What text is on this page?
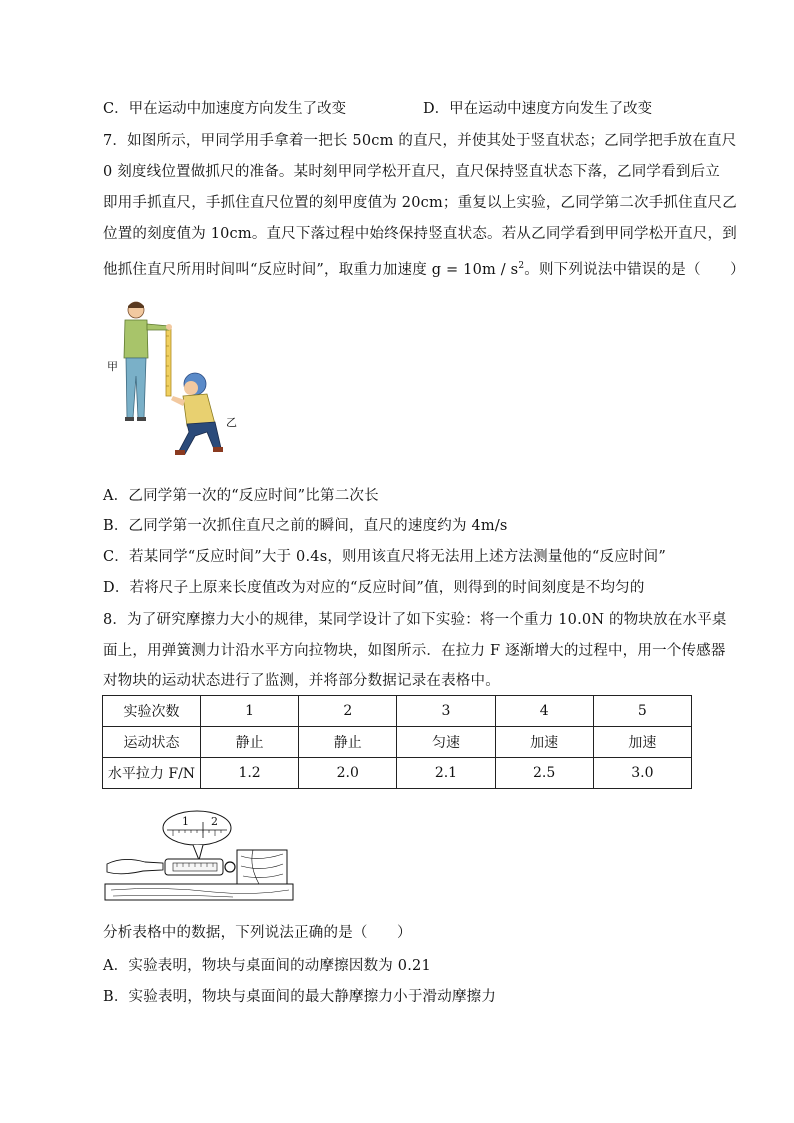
C．甲在运动中加速度方向发生了改变	D．甲在运动中速度方向发生了改变
7．如图所示，甲同学用手拿着一把长 50cm 的直尺，并使其处于竖直状态；乙同学把手放在直尺
0 刻度线位置做抓尺的准备。某时刻甲同学松开直尺，直尺保持竖直状态下落，乙同学看到后立
即用手抓直尺，手抓住直尺位置的刻甲度值为 20cm；重复以上实验，乙同学第二次手抓住直尺乙
位置的刻度值为 10cm。直尺下落过程中始终保持竖直状态。若从乙同学看到甲同学松开直尺，到
他抓住直尺所用时间叫“反应时间”，取重力加速度 $g = 10m / s^2$。则下列说法中错误的是（　　）
甲
乙
A．乙同学第一次的“反应时间”比第二次长
B．乙同学第一次抓住直尺之前的瞬间，直尺的速度约为 4m/s
C．若某同学“反应时间”大于 0.4s，则用该直尺将无法用上述方法测量他的“反应时间”
D．若将尺子上原来长度值改为对应的“反应时间”值，则得到的时间刻度是不均匀的
8．为了研究摩擦力大小的规律，某同学设计了如下实验：将一个重力 10.0N 的物块放在水平桌
面上，用弹簧测力计沿水平方向拉物块，如图所示．在拉力 F 逐渐增大的过程中，用一个传感器
对物块的运动状态进行了监测，并将部分数据记录在表格中。
实验次数	1	2	3	4	5
运动状态	静止	静止	匀速	加速	加速
水平拉力 F/N	1.2	2.0	2.1	2.5	3.0
1 2
分析表格中的数据，下列说法正确的是（　　）
A．实验表明，物块与桌面间的动摩擦因数为 0.21
B．实验表明，物块与桌面间的最大静摩擦力小于滑动摩擦力
